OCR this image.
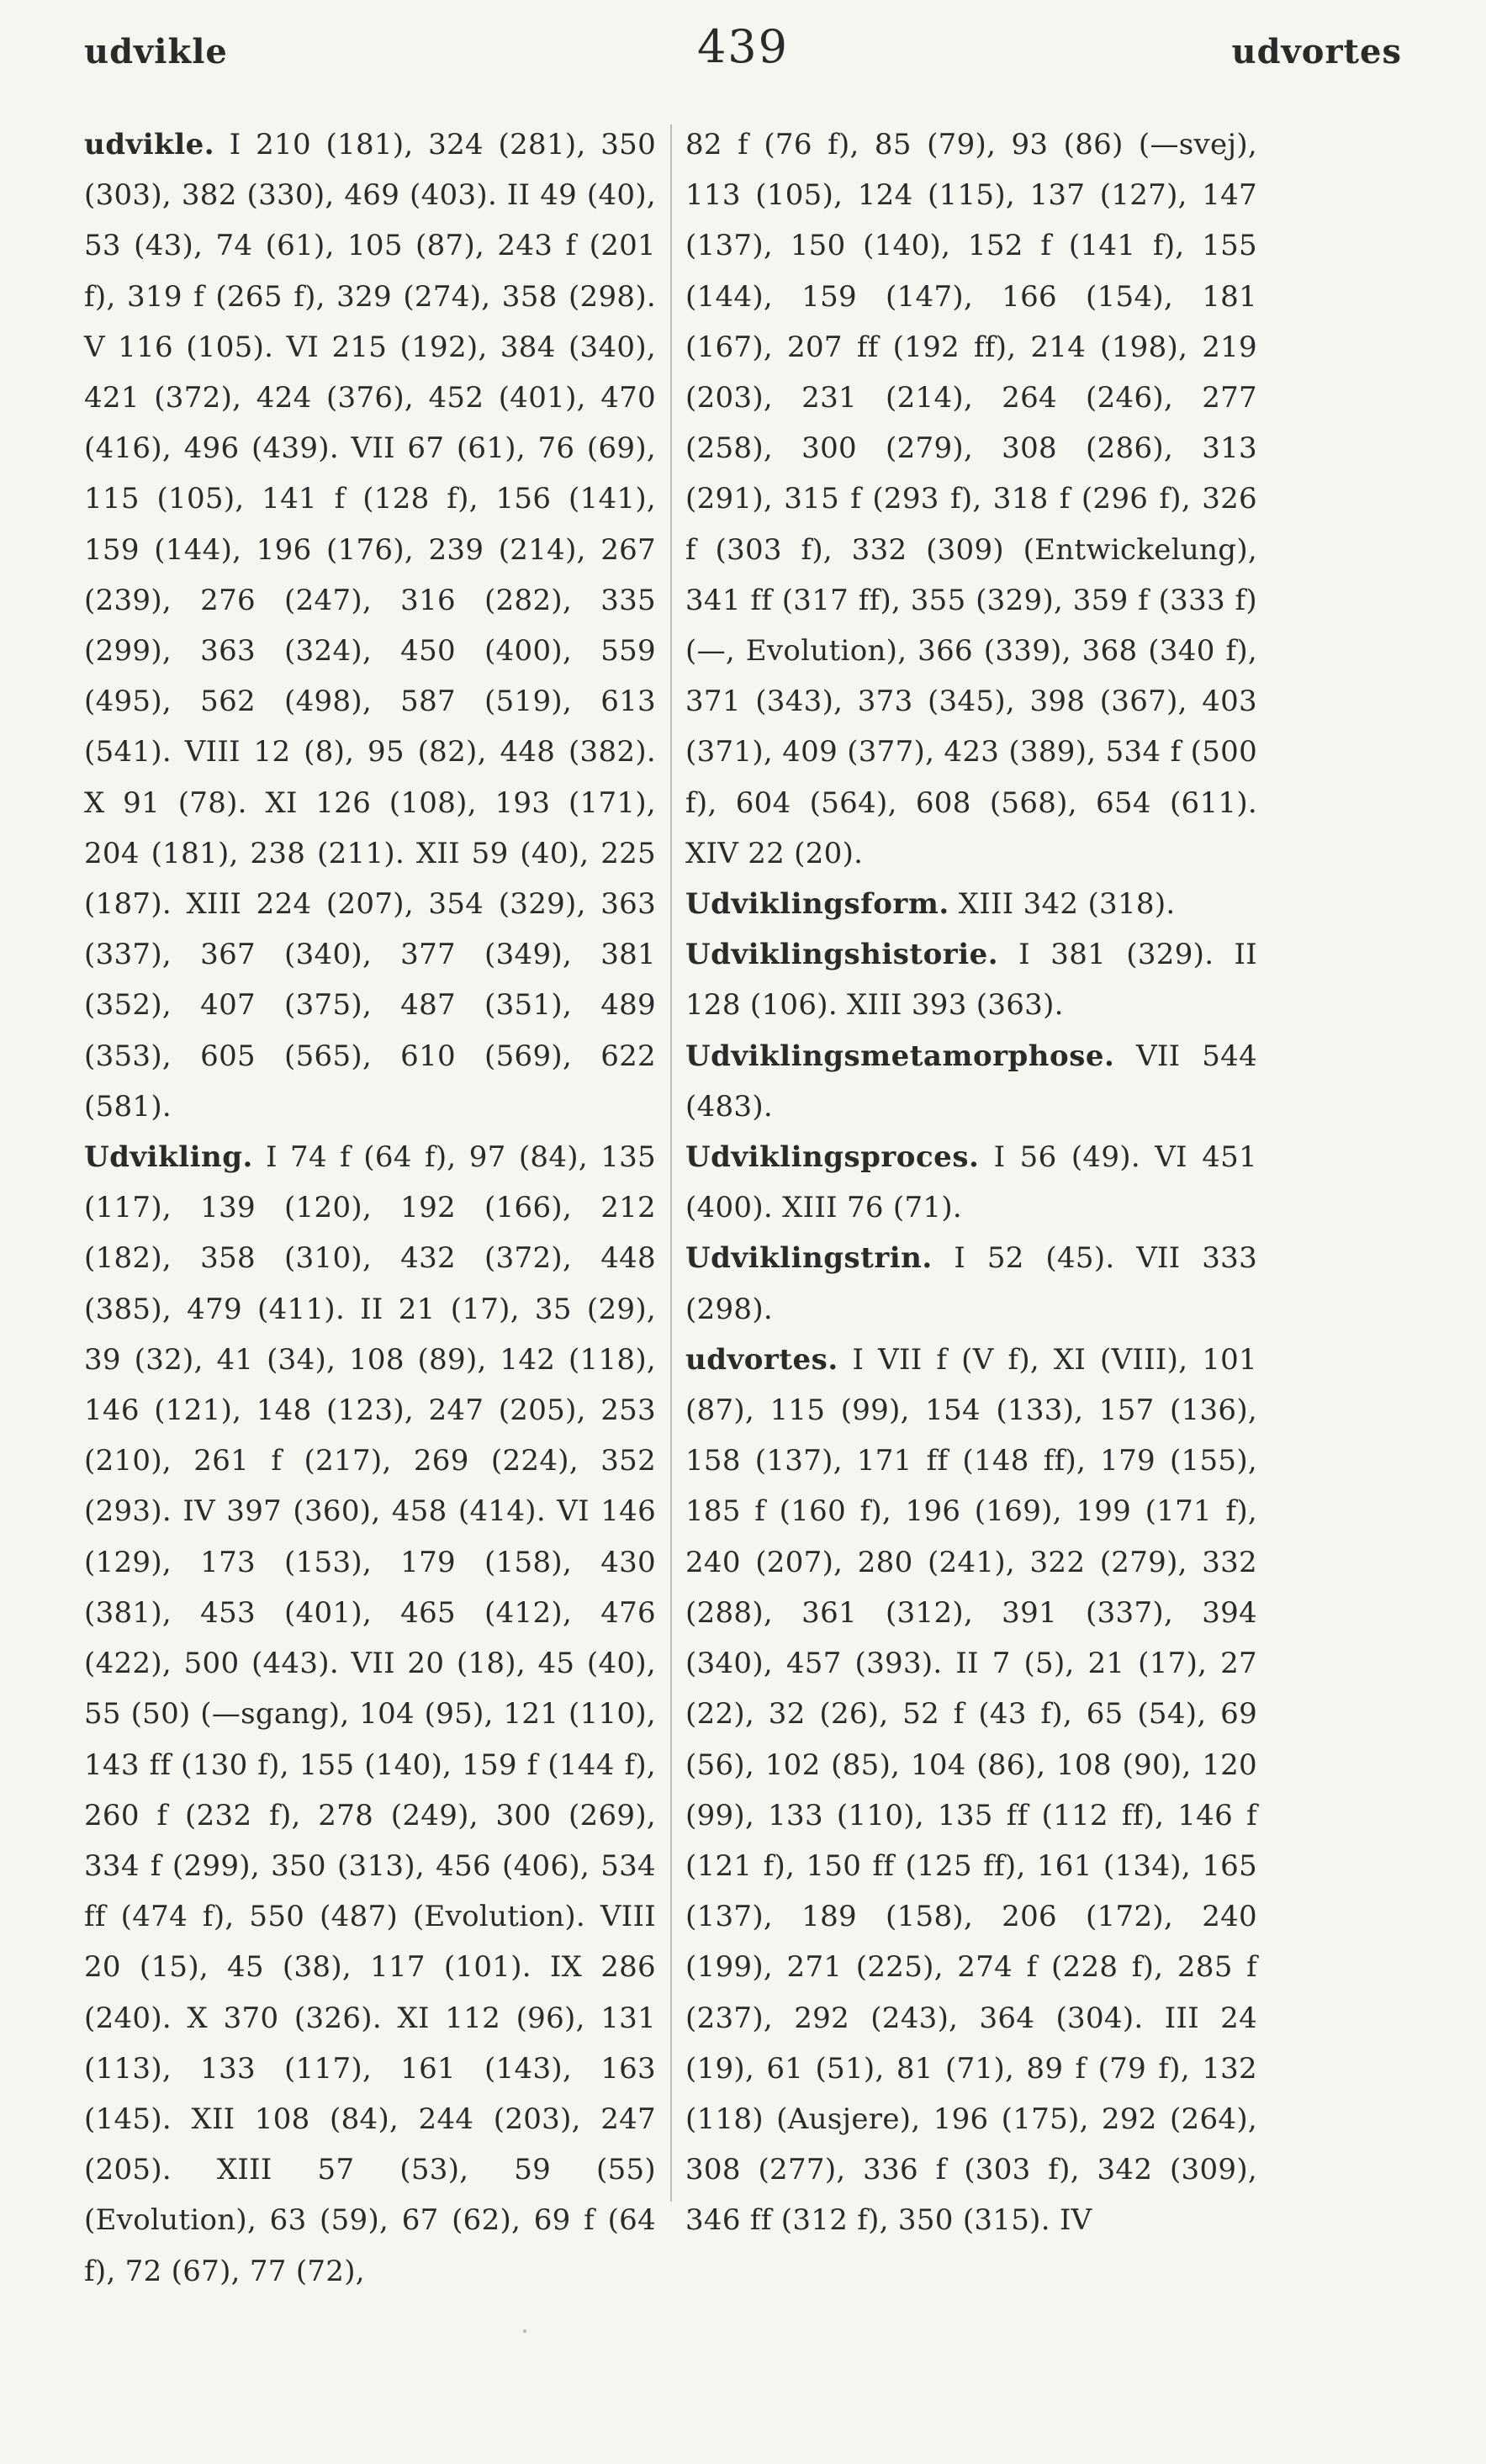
udvikle	439	udvortes

udvikle. I 210 (181), 324 (281), 350 (303), 382 (330), 469 (403). II 49 (40), 53 (43), 74 (61), 105 (87), 243 f (201 f), 319 f (265 f), 329 (274), 358 (298). V 116 (105). VI 215 (192), 384 (340), 421 (372), 424 (376), 452 (401), 470 (416), 496 (439). VII 67 (61), 76 (69), 115 (105), 141 f (128 f), 156 (141), 159 (144), 196 (176), 239 (214), 267 (239), 276 (247), 316 (282), 335 (299), 363 (324), 450 (400), 559 (495), 562 (498), 587 (519), 613 (541). VIII 12 (8), 95 (82), 448 (382). X 91 (78). XI 126 (108), 193 (171), 204 (181), 238 (211). XII 59 (40), 225 (187). XIII 224 (207), 354 (329), 363 (337), 367 (340), 377 (349), 381 (352), 407 (375), 487 (351), 489 (353), 605 (565), 610 (569), 622 (581).

Udvikling. I 74 f (64 f), 97 (84), 135 (117), 139 (120), 192 (166), 212 (182), 358 (310), 432 (372), 448 (385), 479 (411). II 21 (17), 35 (29), 39 (32), 41 (34), 108 (89), 142 (118), 146 (121), 148 (123), 247 (205), 253 (210), 261 f (217), 269 (224), 352 (293). IV 397 (360), 458 (414). VI 146 (129), 173 (153), 179 (158), 430 (381), 453 (401), 465 (412), 476 (422), 500 (443). VII 20 (18), 45 (40), 55 (50) (—sgang), 104 (95), 121 (110), 143 ff (130 f), 155 (140), 159 f (144 f), 260 f (232 f), 278 (249), 300 (269), 334 f (299), 350 (313), 456 (406), 534 ff (474 f), 550 (487) (Evolution). VIII 20 (15), 45 (38), 117 (101). IX 286 (240). X 370 (326). XI 112 (96), 131 (113), 133 (117), 161 (143), 163 (145). XII 108 (84), 244 (203), 247 (205). XIII 57 (53), 59 (55) (Evolution), 63 (59), 67 (62), 69 f (64 f), 72 (67), 77 (72),

82 f (76 f), 85 (79), 93 (86) (—svej), 113 (105), 124 (115), 137 (127), 147 (137), 150 (140), 152 f (141 f), 155 (144), 159 (147), 166 (154), 181 (167), 207 ff (192 ff), 214 (198), 219 (203), 231 (214), 264 (246), 277 (258), 300 (279), 308 (286), 313 (291), 315 f (293 f), 318 f (296 f), 326 f (303 f), 332 (309) (Entwickelung), 341 ff (317 ff), 355 (329), 359 f (333 f) (—, Evolution), 366 (339), 368 (340 f), 371 (343), 373 (345), 398 (367), 403 (371), 409 (377), 423 (389), 534 f (500 f), 604 (564), 608 (568), 654 (611). XIV 22 (20).

Udviklingsform. XIII 342 (318).

Udviklingshistorie. I 381 (329). II 128 (106). XIII 393 (363).

Udviklingsmetamorphose. VII 544 (483).

Udviklingsproces. I 56 (49). VI 451 (400). XIII 76 (71).

Udviklingstrin. I 52 (45). VII 333 (298).

udvortes. I VII f (V f), XI (VIII), 101 (87), 115 (99), 154 (133), 157 (136), 158 (137), 171 ff (148 ff), 179 (155), 185 f (160 f), 196 (169), 199 (171 f), 240 (207), 280 (241), 322 (279), 332 (288), 361 (312), 391 (337), 394 (340), 457 (393). II 7 (5), 21 (17), 27 (22), 32 (26), 52 f (43 f), 65 (54), 69 (56), 102 (85), 104 (86), 108 (90), 120 (99), 133 (110), 135 ff (112 ff), 146 f (121 f), 150 ff (125 ff), 161 (134), 165 (137), 189 (158), 206 (172), 240 (199), 271 (225), 274 f (228 f), 285 f (237), 292 (243), 364 (304). III 24 (19), 61 (51), 81 (71), 89 f (79 f), 132 (118) (Ausjere), 196 (175), 292 (264), 308 (277), 336 f (303 f), 342 (309), 346 ff (312 f), 350 (315). IV
